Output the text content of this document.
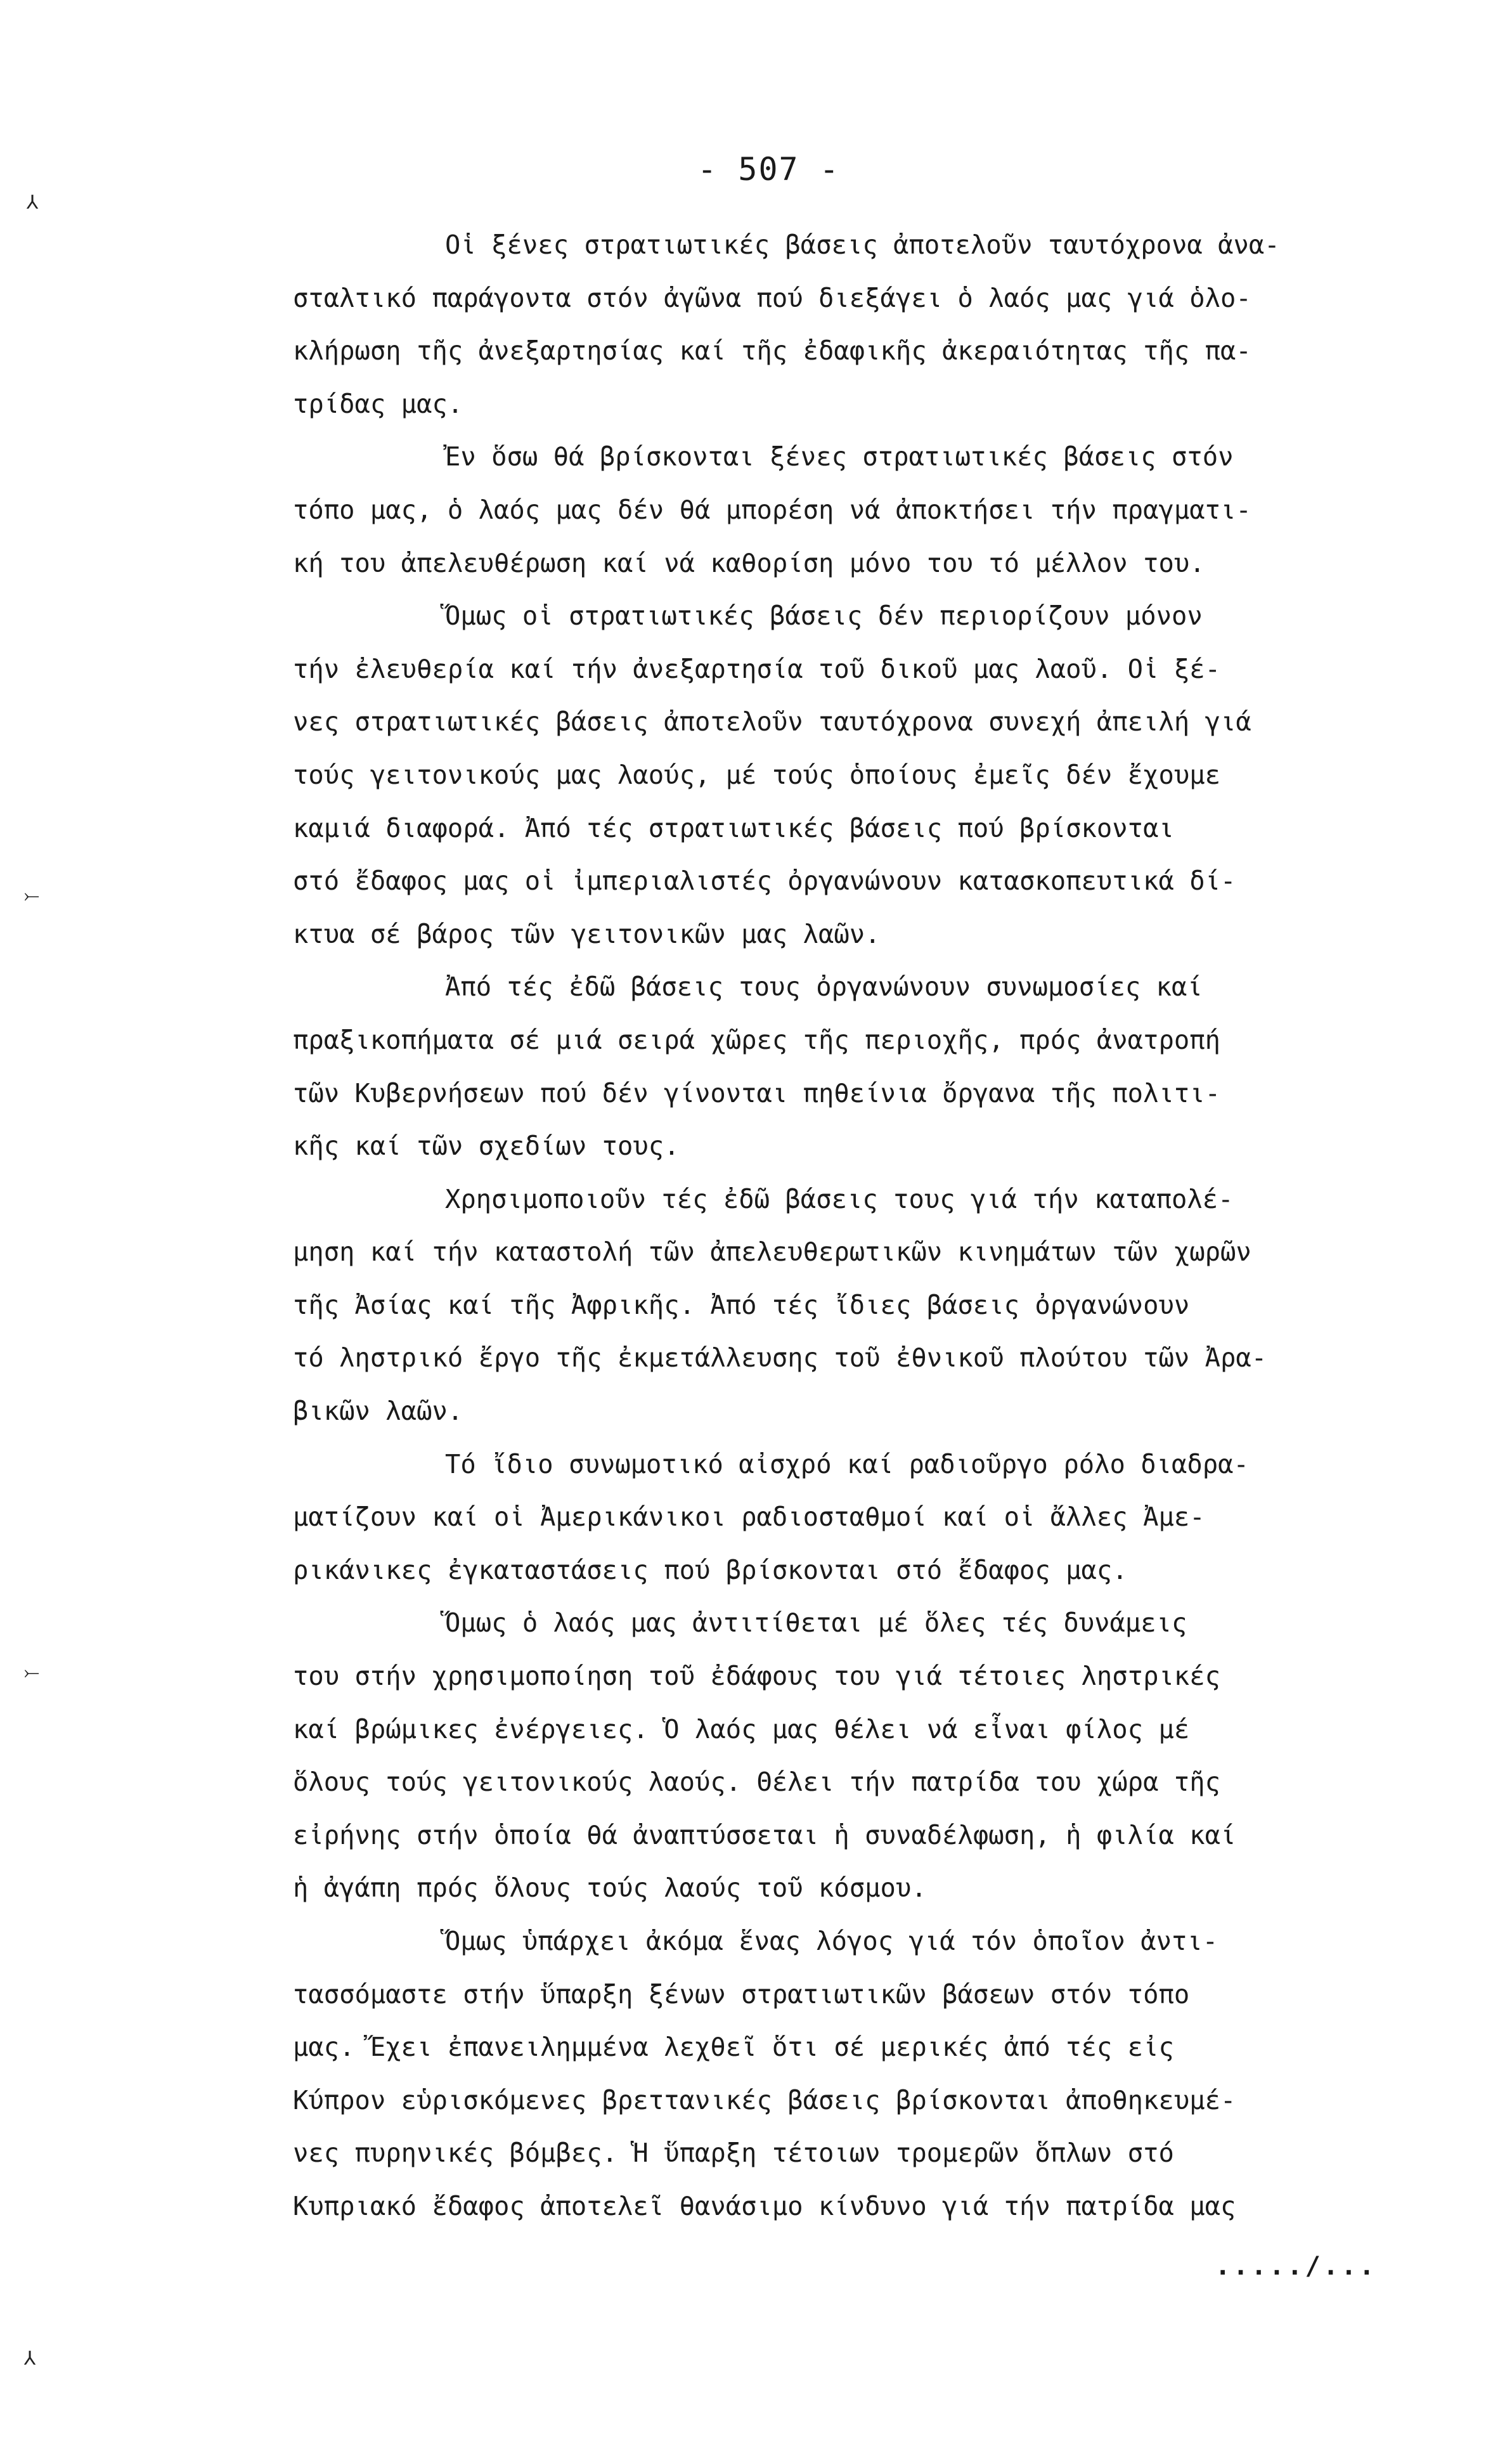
⅄
⤚
⤚
⅄
- 507 -
Οἱ ξένες στρατιωτικές βάσεις ἀποτελοῦν ταυτόχρονα ἀνα-
σταλτικό παράγοντα στόν ἀγῶνα πού διεξάγει ὁ λαός μας γιά ὁλο-
κλήρωση τῆς ἀνεξαρτησίας καί τῆς ἐδαφικῆς ἀκεραιότητας τῆς πα-
τρίδας μας.
Ἐν ὅσω θά βρίσκονται ξένες στρατιωτικές βάσεις στόν
τόπο μας, ὁ λαός μας δέν θά μπορέση νά ἀποκτήσει τήν πραγματι-
κή του ἀπελευθέρωση καί νά καθορίση μόνο του τό μέλλον του.
Ὅμως οἱ στρατιωτικές βάσεις δέν περιορίζουν μόνον
τήν ἐλευθερία καί τήν ἀνεξαρτησία τοῦ δικοῦ μας λαοῦ. Οἱ ξέ-
νες στρατιωτικές βάσεις ἀποτελοῦν ταυτόχρονα συνεχή ἀπειλή γιά
τούς γειτονικούς μας λαούς, μέ τούς ὁποίους ἐμεῖς δέν ἔχουμε
καμιά διαφορά. Ἀπό τές στρατιωτικές βάσεις πού βρίσκονται
στό ἔδαφος μας οἱ ἰμπεριαλιστές ὀργανώνουν κατασκοπευτικά δί-
κτυα σέ βάρος τῶν γειτονικῶν μας λαῶν.
Ἀπό τές ἐδῶ βάσεις τους ὀργανώνουν συνωμοσίες καί
πραξικοπήματα σέ μιά σειρά χῶρες τῆς περιοχῆς, πρός ἀνατροπή
τῶν Κυβερνήσεων πού δέν γίνονται πηθείνια ὄργανα τῆς πολιτι-
κῆς καί τῶν σχεδίων τους.
Χρησιμοποιοῦν τές ἐδῶ βάσεις τους γιά τήν καταπολέ-
μηση καί τήν καταστολή τῶν ἀπελευθερωτικῶν κινημάτων τῶν χωρῶν
τῆς Ἀσίας καί τῆς Ἀφρικῆς. Ἀπό τές ἴδιες βάσεις ὀργανώνουν
τό ληστρικό ἔργο τῆς ἐκμετάλλευσης τοῦ ἐθνικοῦ πλούτου τῶν Ἀρα-
βικῶν λαῶν.
Τό ἴδιο συνωμοτικό αἰσχρό καί ραδιοῦργο ρόλο διαδρα-
ματίζουν καί οἱ Ἀμερικάνικοι ραδιοσταθμοί καί οἱ ἄλλες Ἀμε-
ρικάνικες ἐγκαταστάσεις πού βρίσκονται στό ἔδαφος μας.
Ὅμως ὁ λαός μας ἀντιτίθεται μέ ὅλες τές δυνάμεις
του στήν χρησιμοποίηση τοῦ ἐδάφους του γιά τέτοιες ληστρικές
καί βρώμικες ἐνέργειες. Ὁ λαός μας θέλει νά εἶναι φίλος μέ
ὅλους τούς γειτονικούς λαούς. Θέλει τήν πατρίδα του χώρα τῆς
εἰρήνης στήν ὁποία θά ἀναπτύσσεται ἡ συναδέλφωση, ἡ φιλία καί
ἡ ἀγάπη πρός ὅλους τούς λαούς τοῦ κόσμου.
Ὅμως ὑπάρχει ἀκόμα ἕνας λόγος γιά τόν ὁποῖον ἀντι-
τασσόμαστε στήν ὕπαρξη ξένων στρατιωτικῶν βάσεων στόν τόπο
μας. Ἔχει ἐπανειλημμένα λεχθεῖ ὅτι σέ μερικές ἀπό τές εἰς
Κύπρον εὑρισκόμενες βρεττανικές βάσεις βρίσκονται ἀποθηκευμέ-
νες πυρηνικές βόμβες. Ἡ ὕπαρξη τέτοιων τρομερῶν ὅπλων στό
Κυπριακό ἔδαφος ἀποτελεῖ θανάσιμο κίνδυνο γιά τήν πατρίδα μας
...../...
